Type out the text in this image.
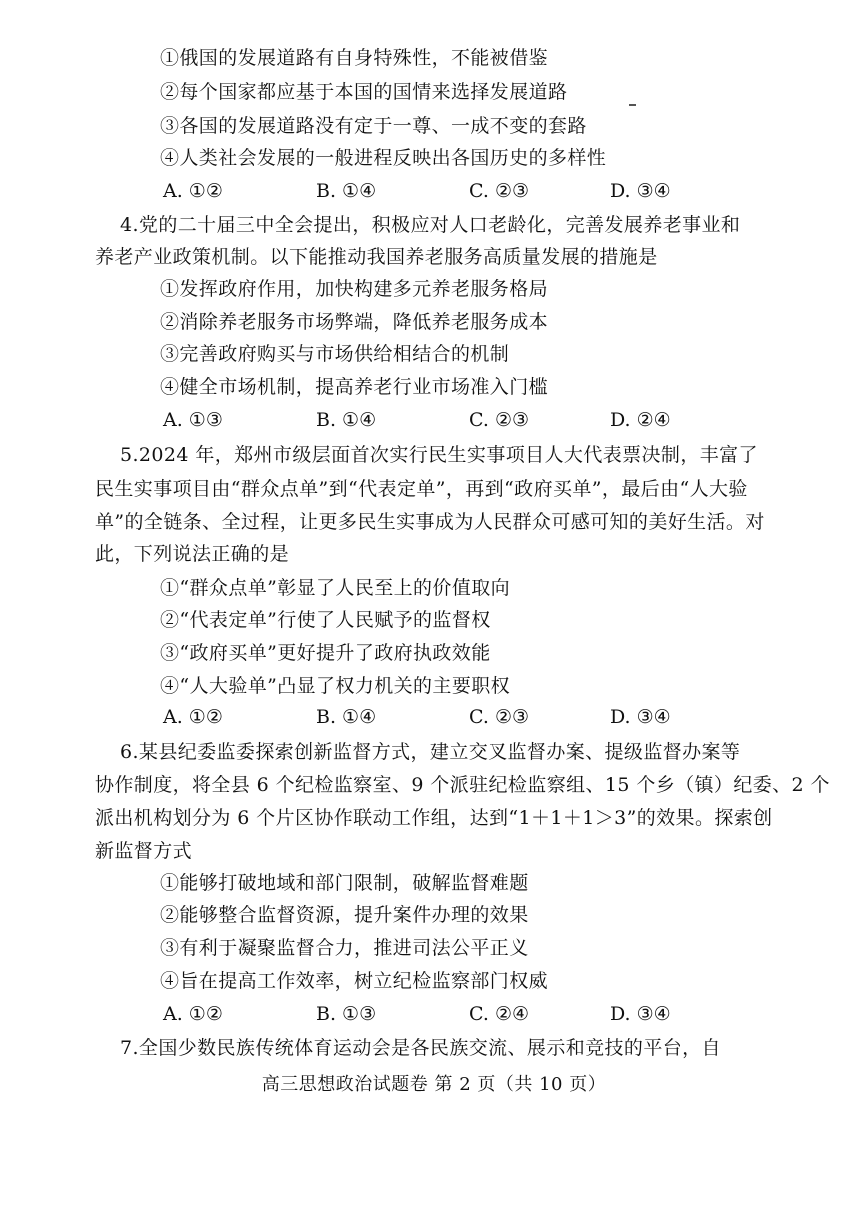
①俄国的发展道路有自身特殊性，不能被借鉴
②每个国家都应基于本国的国情来选择发展道路
③各国的发展道路没有定于一尊、一成不变的套路
④人类社会发展的一般进程反映出各国历史的多样性
A. ①②	B. ①④	C. ②③	D. ③④
4.党的二十届三中全会提出，积极应对人口老龄化，完善发展养老事业和
养老产业政策机制。以下能推动我国养老服务高质量发展的措施是
①发挥政府作用，加快构建多元养老服务格局
②消除养老服务市场弊端，降低养老服务成本
③完善政府购买与市场供给相结合的机制
④健全市场机制，提高养老行业市场准入门槛
A. ①③	B. ①④	C. ②③	D. ②④
5.2024 年，郑州市级层面首次实行民生实事项目人大代表票决制，丰富了
民生实事项目由“群众点单”到“代表定单”，再到“政府买单”，最后由“人大验
单”的全链条、全过程，让更多民生实事成为人民群众可感可知的美好生活。对
此，下列说法正确的是
①“群众点单”彰显了人民至上的价值取向
②“代表定单”行使了人民赋予的监督权
③“政府买单”更好提升了政府执政效能
④“人大验单”凸显了权力机关的主要职权
A. ①②	B. ①④	C. ②③	D. ③④
6.某县纪委监委探索创新监督方式，建立交叉监督办案、提级监督办案等
协作制度，将全县 6 个纪检监察室、9 个派驻纪检监察组、15 个乡（镇）纪委、2 个
派出机构划分为 6 个片区协作联动工作组，达到“1＋1＋1＞3”的效果。探索创
新监督方式
①能够打破地域和部门限制，破解监督难题
②能够整合监督资源，提升案件办理的效果
③有利于凝聚监督合力，推进司法公平正义
④旨在提高工作效率，树立纪检监察部门权威
A. ①②	B. ①③	C. ②④	D. ③④
7.全国少数民族传统体育运动会是各民族交流、展示和竞技的平台，自
高三思想政治试题卷 第 2 页（共 10 页）
